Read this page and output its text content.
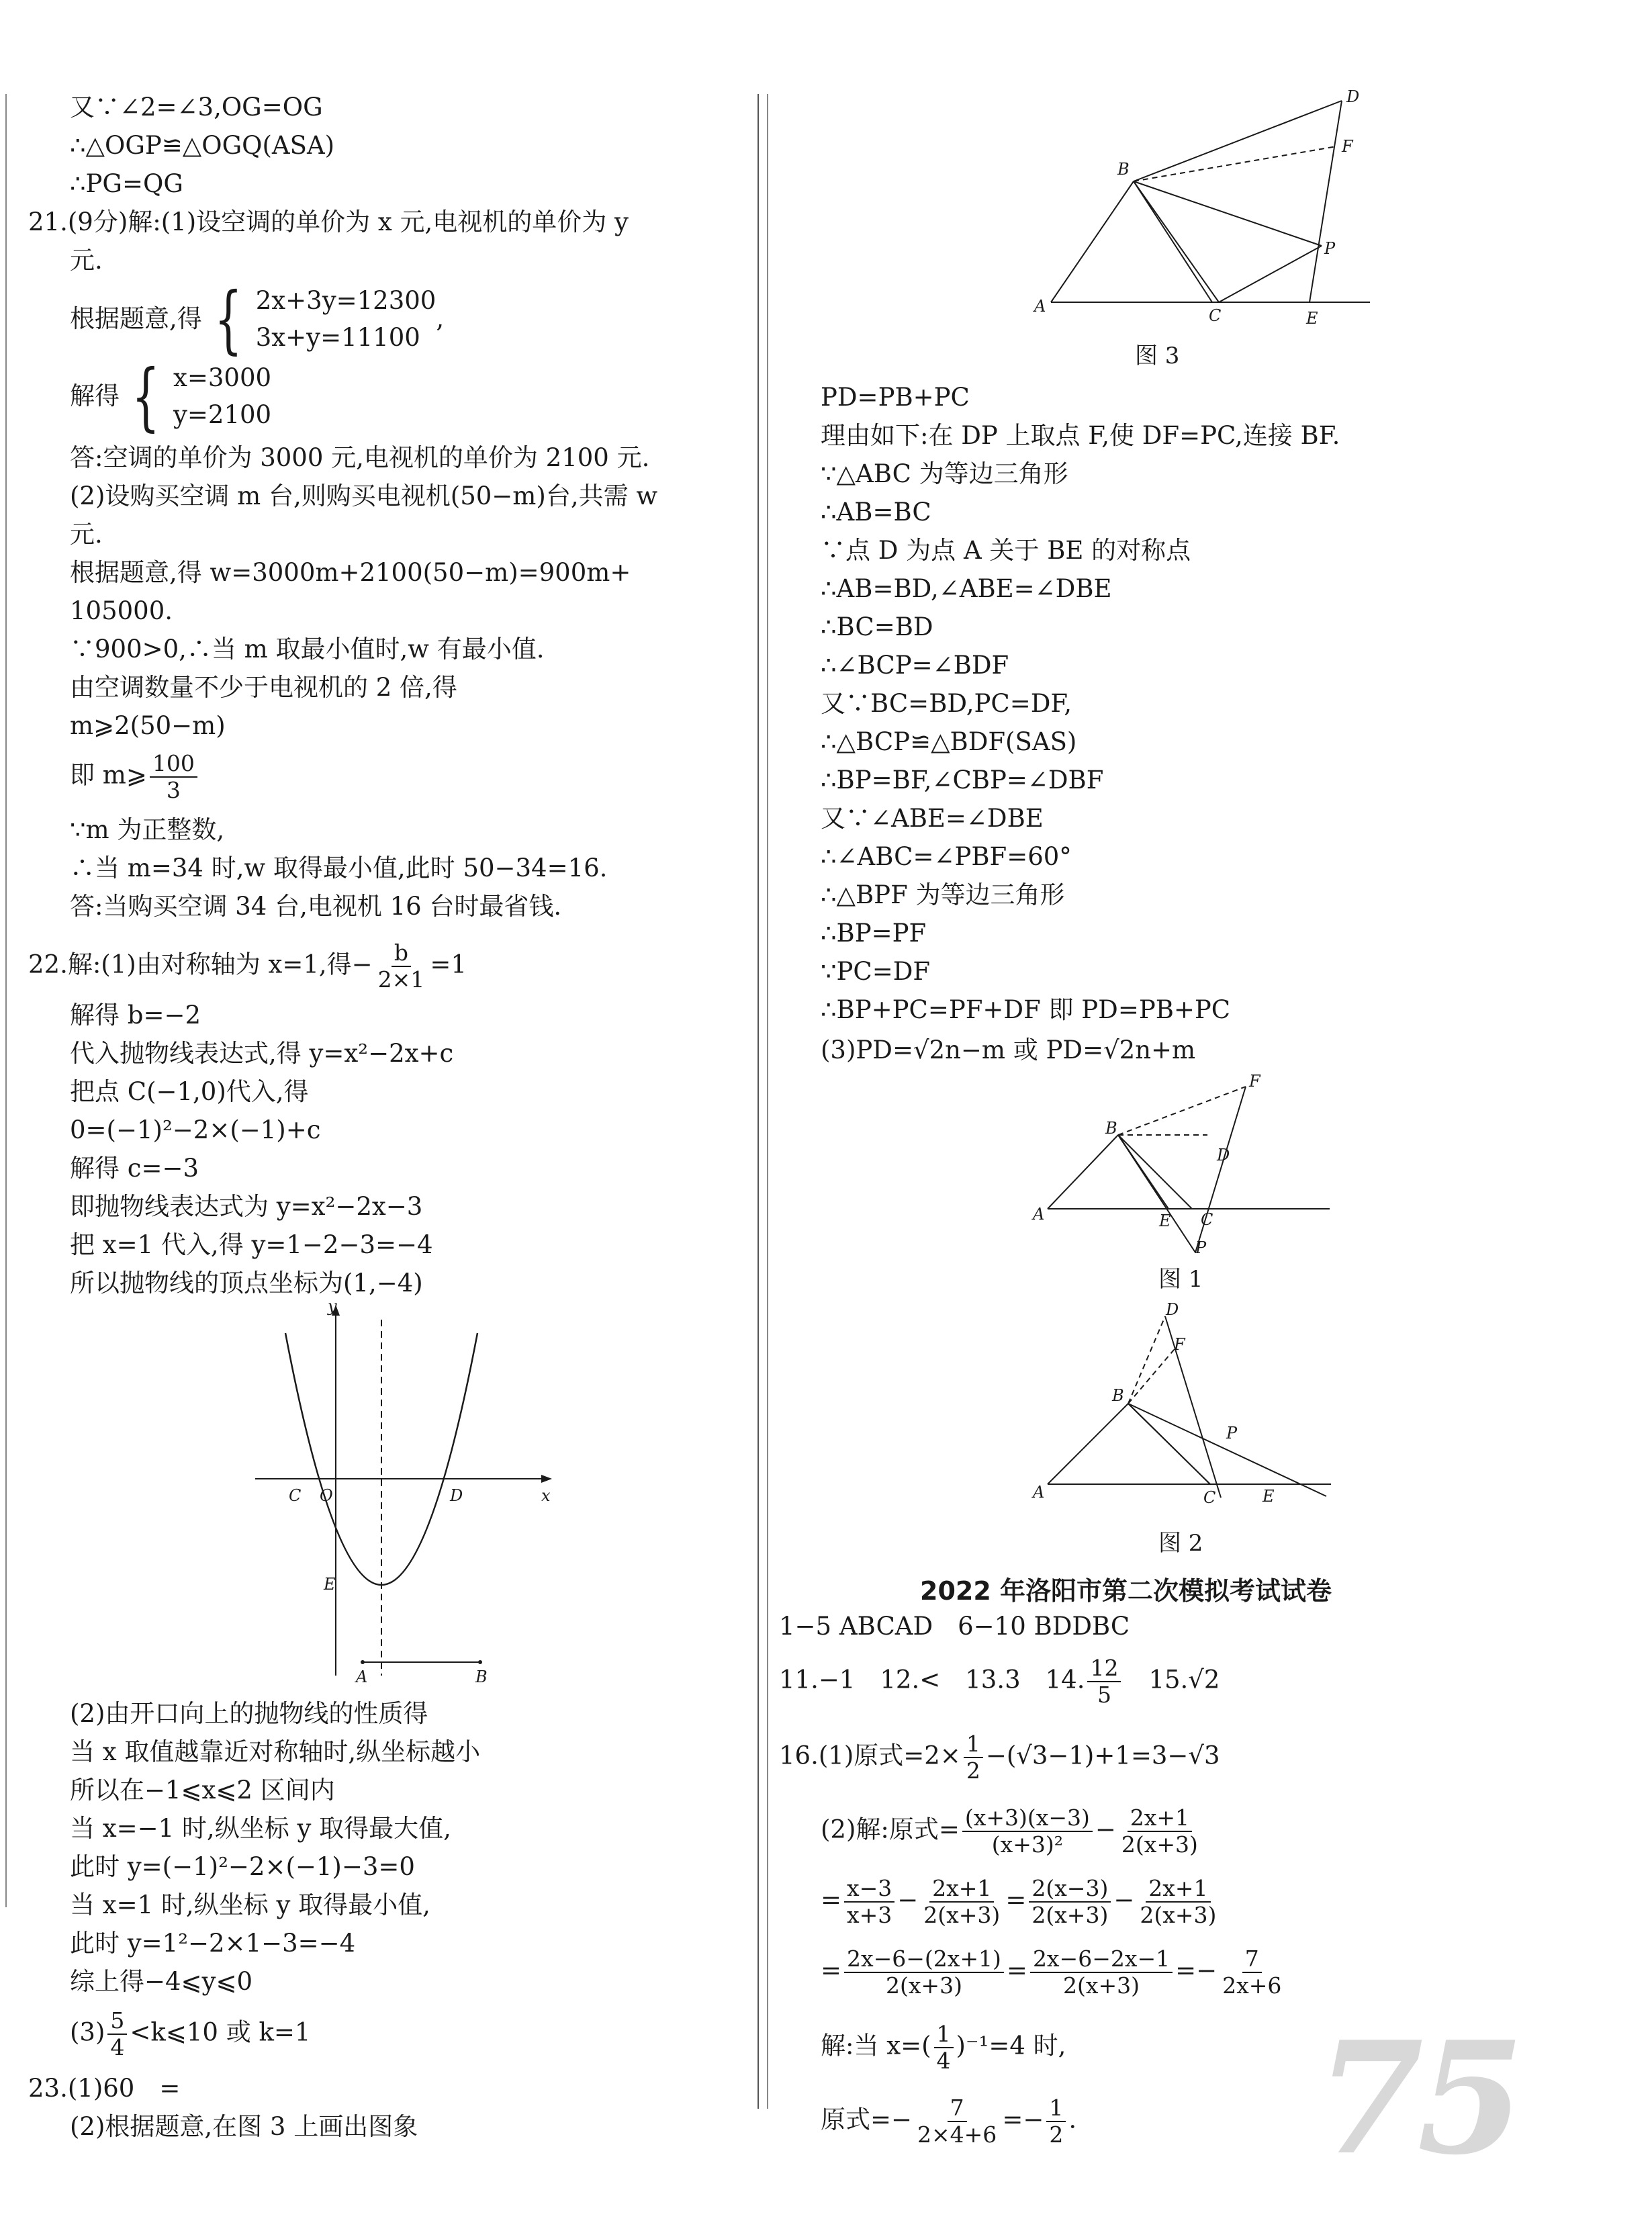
又∵∠2=∠3,OG=OG
∴△OGP≌△OGQ(ASA)
∴PG=QG
21.(9分)解:(1)设空调的单价为 x 元,电视机的单价为 y
元.
根据题意,得 { 2x+3y=12300
3x+y=11100
,
解得 { x=3000
y=2100
答:空调的单价为 3000 元,电视机的单价为 2100 元.
(2)设购买空调 m 台,则购买电视机(50−m)台,共需 w
元.
根据题意,得 w=3000m+2100(50−m)=900m+
105000.
∵900>0,∴当 m 取最小值时,w 有最小值.
由空调数量不少于电视机的 2 倍,得
m⩾2(50−m)
即 m⩾ $\frac{100}{3}$
∵m 为正整数,
∴当 m=34 时,w 取得最小值,此时 50−34=16.
答:当购买空调 34 台,电视机 16 台时最省钱.
22.解:(1)由对称轴为 x=1,得− $\frac{b}{2\times 1} =1$
解得 b=−2
代入抛物线表达式,得 y=x²−2x+c
把点 C(−1,0)代入,得
0=(−1)²−2×(−1)+c
解得 c=−3
即抛物线表达式为 y=x²−2x−3
把 x=1 代入,得 y=1−2−3=−4
所以抛物线的顶点坐标为(1,−4)
y
x
C O	D
E
A	B
(2)由开口向上的抛物线的性质得
当 x 取值越靠近对称轴时,纵坐标越小
所以在−1⩽x⩽2 区间内
当 x=−1 时,纵坐标 y 取得最大值,
此时 y=(−1)²−2×(−1)−3=0
当 x=1 时,纵坐标 y 取得最小值,
此时 y=1²−2×1−3=−4
综上得−4⩽y⩽0
$(3) \frac{5}{4}$ <k⩽10 或 k=1
23.(1)60　=
(2)根据题意,在图 3 上画出图象
A
B
C
D
E
F
P
图 3
PD=PB+PC
理由如下:在 DP 上取点 F,使 DF=PC,连接 BF.
∵△ABC 为等边三角形
∴AB=BC
∵点 D 为点 A 关于 BE 的对称点
∴AB=BD,∠ABE=∠DBE
∴BC=BD
∴∠BCP=∠BDF
又∵BC=BD,PC=DF,
∴△BCP≌△BDF(SAS)
∴BP=BF,∠CBP=∠DBF
又∵∠ABE=∠DBE
∴∠ABC=∠PBF=60°
∴△BPF 为等边三角形
∴BP=PF
∵PC=DF
∴BP+PC=PF+DF 即 PD=PB+PC
(3)PD=√2n−m 或 PD=√2n+m
A
B
C
D
E
F
P
图 1
A
B
C
D
E
F
P
图 2
2022 年洛阳市第二次模拟考试试卷
1−5 ABCAD　6−10 BDDBC
11.−1　12.<　13.3　14. $\frac{12}{5}$ 　15.√2
16.(1)原式$=2\times \frac{1}{2} -(√3-1)+1=3-√3$
(2)解:原式= $\frac{(x+3)(x-3)}{\text{(x+3)²}} - \frac{2x+1}{2(x+3)}$
= $\frac{x-3}{x+3} - \frac{2x+1}{2(x+3)} = \frac{2(x-3)}{2(x+3)} - \frac{2x+1}{2(x+3)}$
= $\frac{2x-6-(2x+1)}{2(x+3)} = \frac{2x-6-2x-1}{2(x+3)} =- \frac{7}{2x+6}$
解:当 $x=( \frac{1}{4} )^{-1}=4$ 时,
原式=− $\frac{7}{2\times 4+6} =- \frac{1}{2}$ . 75
